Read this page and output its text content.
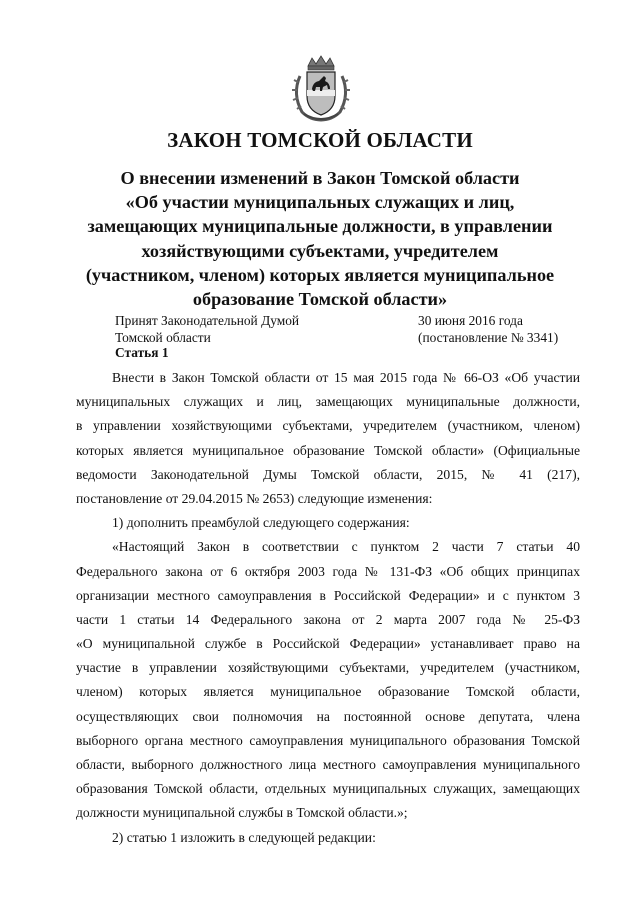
ЗАКОН ТОМСКОЙ ОБЛАСТИ
О внесении изменений в Закон Томской области
«Об участии муниципальных служащих и лиц,
замещающих муниципальные должности, в управлении
хозяйствующими субъектами, учредителем
(участником, членом) которых является муниципальное
образование Томской области»
Принят Законодательной Думой
Томской области
30 июня 2016 года
(постановление № 3341)
Статья 1
Внести в Закон Томской области от 15 мая 2015 года № 66-ОЗ «Об участии
муниципальных служащих и лиц, замещающих муниципальные должности,
в управлении хозяйствующими субъектами, учредителем (участником, членом)
которых является муниципальное образование Томской области» (Официальные
ведомости Законодательной Думы Томской области, 2015, № 41 (217),
постановление от 29.04.2015 № 2653) следующие изменения:
1) дополнить преамбулой следующего содержания:
«Настоящий Закон в соответствии с пунктом 2 части 7 статьи 40
Федерального закона от 6 октября 2003 года № 131-ФЗ «Об общих принципах
организации местного самоуправления в Российской Федерации» и с пунктом 3
части 1 статьи 14 Федерального закона от 2 марта 2007 года № 25-ФЗ
«О муниципальной службе в Российской Федерации» устанавливает право на
участие в управлении хозяйствующими субъектами, учредителем (участником,
членом) которых является муниципальное образование Томской области,
осуществляющих свои полномочия на постоянной основе депутата, члена
выборного органа местного самоуправления муниципального образования Томской
области, выборного должностного лица местного самоуправления муниципального
образования Томской области, отдельных муниципальных служащих, замещающих
должности муниципальной службы в Томской области.»;
2) статью 1 изложить в следующей редакции:
